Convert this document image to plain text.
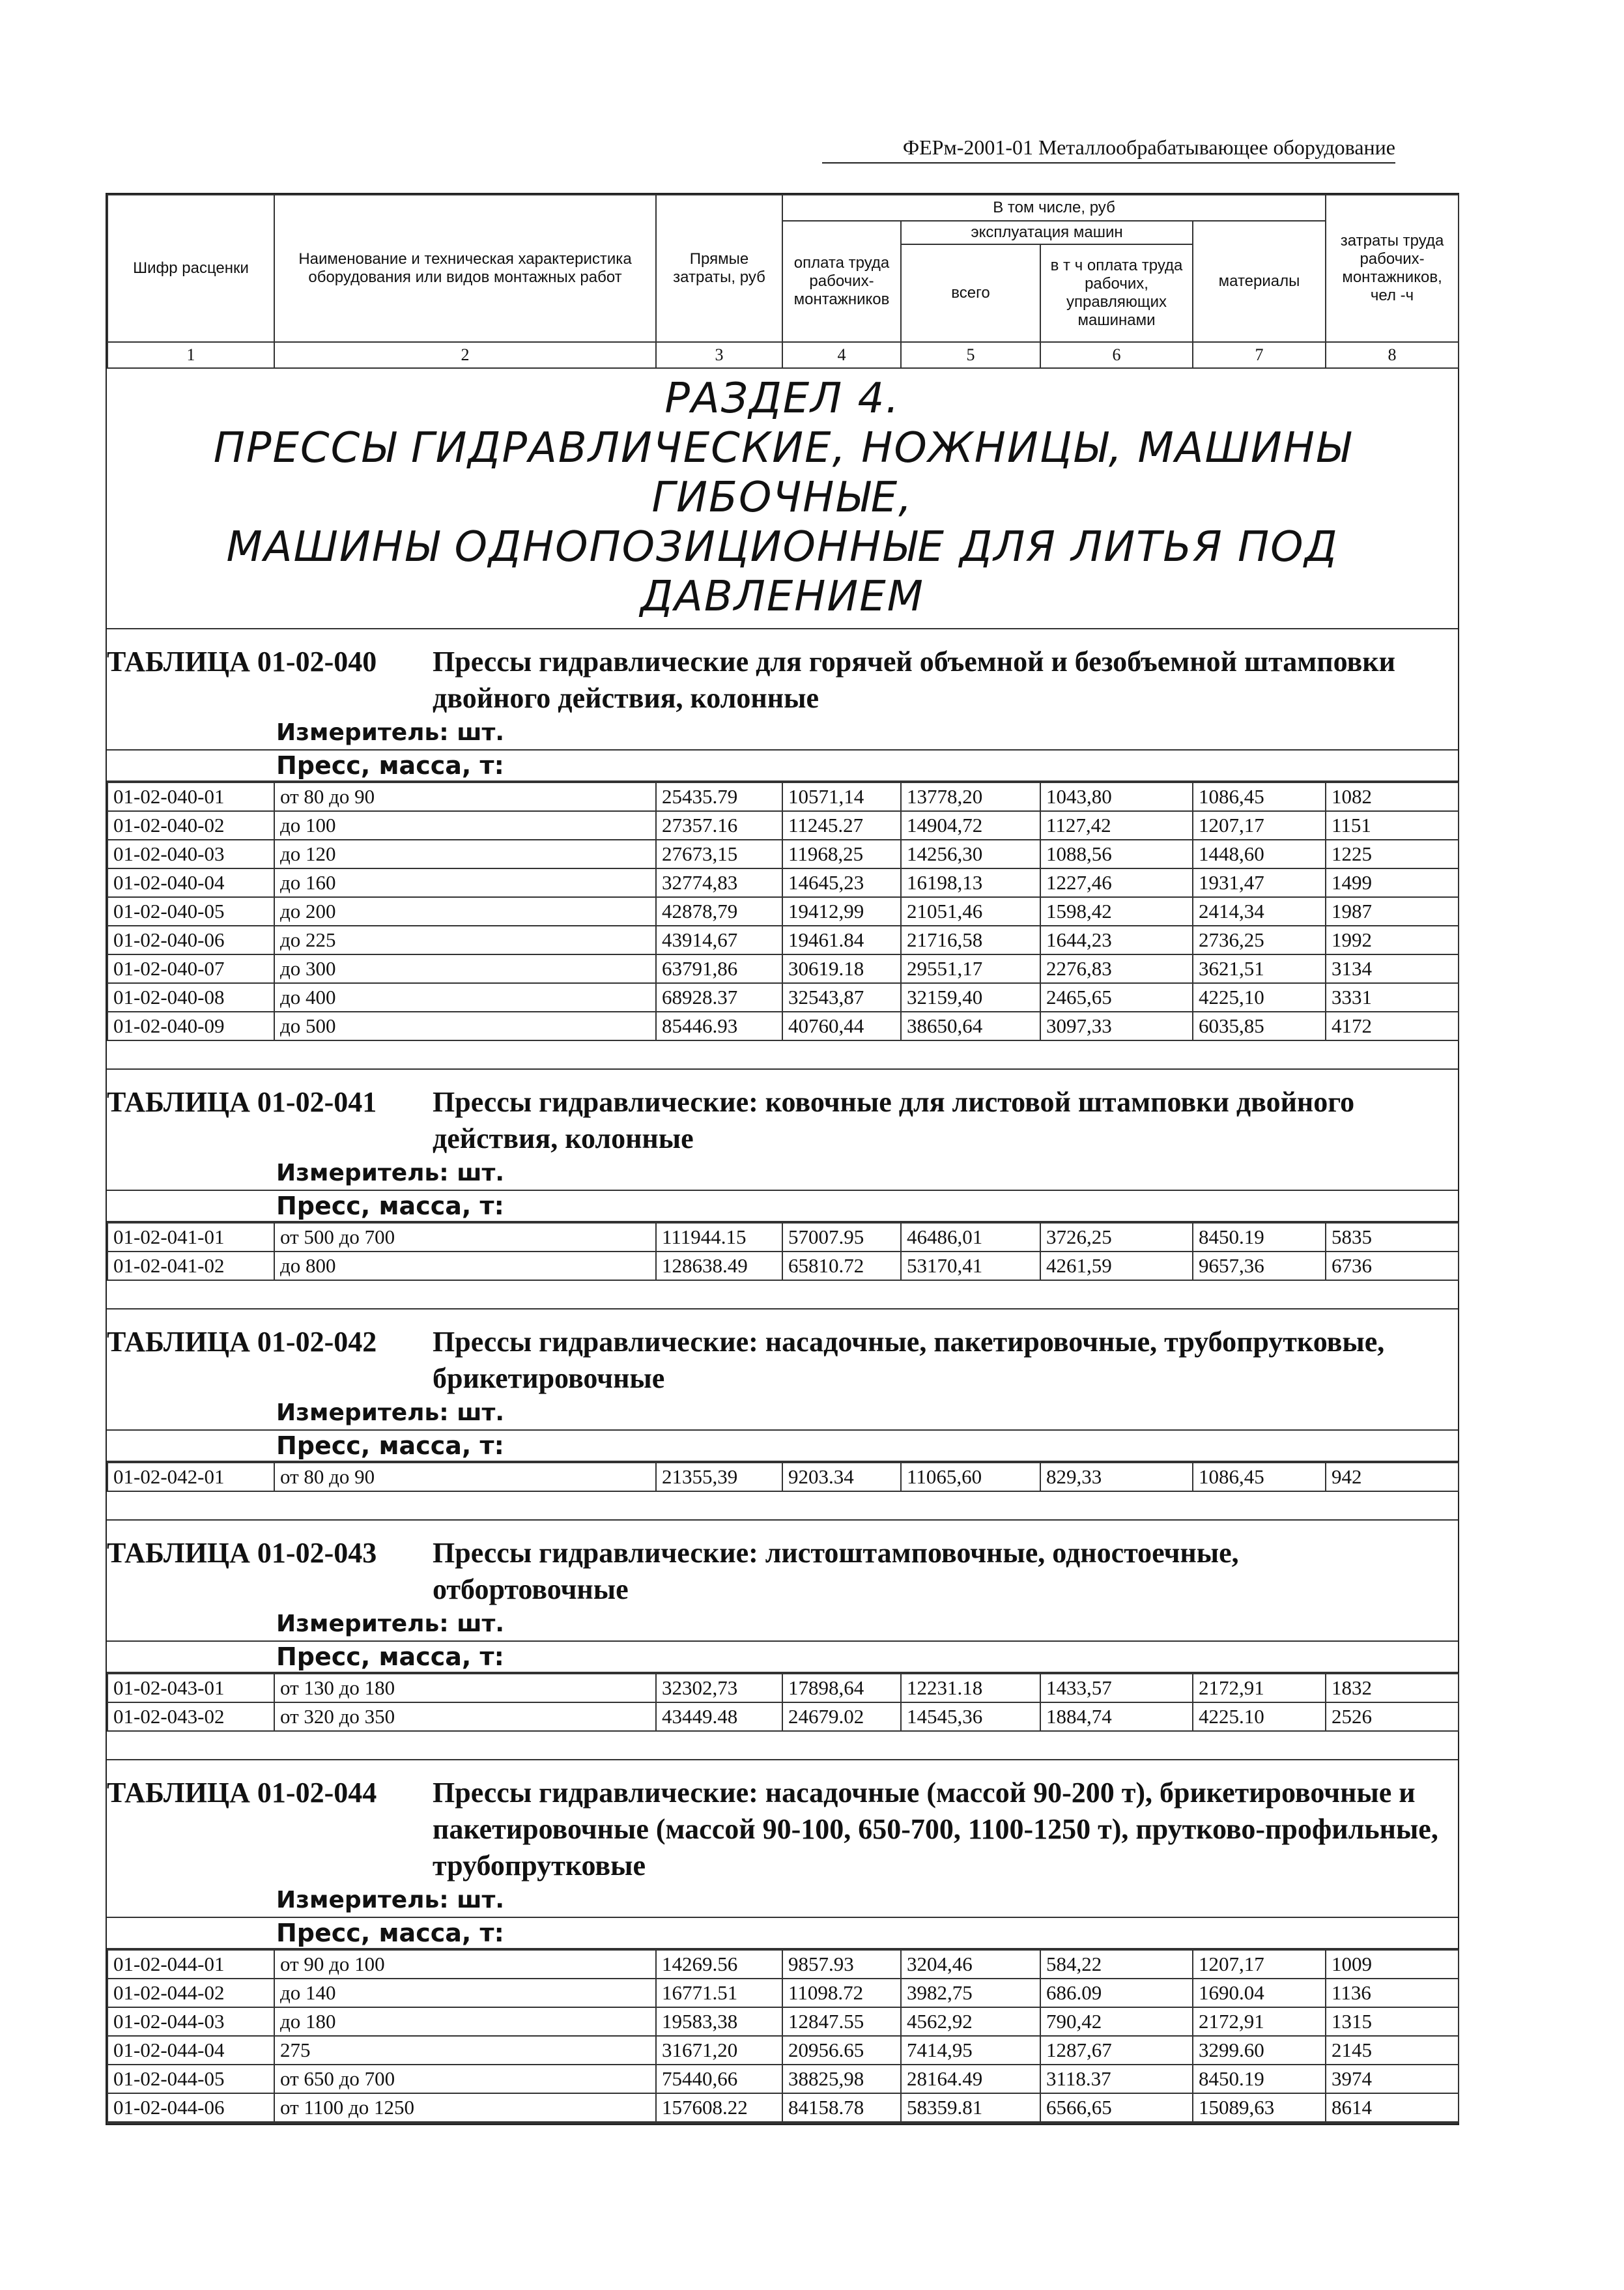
ФЕРм-2001-01 Металлообрабатывающее оборудование
Шифр расценки	Наименование и техническая характеристика оборудования или видов монтажных работ	Прямые затраты, руб	В том числе, руб				затраты труда рабочих-монтажников, чел -ч
			оплата труда рабочих-монтажников	эксплуатация машин		материалы	
				всего	в т ч оплата труда рабочих, управляющих машинами		
1	2	3	4	5	6	7	8
РАЗДЕЛ 4.
ПРЕССЫ ГИДРАВЛИЧЕСКИЕ, НОЖНИЦЫ, МАШИНЫ ГИБОЧНЫЕ,
МАШИНЫ ОДНОПОЗИЦИОННЫЕ ДЛЯ ЛИТЬЯ ПОД ДАВЛЕНИЕМ
ТАБЛИЦА 01-02-040	Прессы гидравлические для горячей объемной и безобъемной штамповки двойного действия, колонные
Измеритель: шт.
Пресс, масса, т:
01-02-040-01	от 80 до 90	25435.79	10571,14	13778,20	1043,80	1086,45	1082
01-02-040-02	до 100	27357.16	11245.27	14904,72	1127,42	1207,17	1151
01-02-040-03	до 120	27673,15	11968,25	14256,30	1088,56	1448,60	1225
01-02-040-04	до 160	32774,83	14645,23	16198,13	1227,46	1931,47	1499
01-02-040-05	до 200	42878,79	19412,99	21051,46	1598,42	2414,34	1987
01-02-040-06	до 225	43914,67	19461.84	21716,58	1644,23	2736,25	1992
01-02-040-07	до 300	63791,86	30619.18	29551,17	2276,83	3621,51	3134
01-02-040-08	до 400	68928.37	32543,87	32159,40	2465,65	4225,10	3331
01-02-040-09	до 500	85446.93	40760,44	38650,64	3097,33	6035,85	4172
ТАБЛИЦА 01-02-041	Прессы гидравлические: ковочные для листовой штамповки двойного действия, колонные
Измеритель: шт.
Пресс, масса, т:
01-02-041-01	от 500 до 700	111944.15	57007.95	46486,01	3726,25	8450.19	5835
01-02-041-02	до 800	128638.49	65810.72	53170,41	4261,59	9657,36	6736
ТАБЛИЦА 01-02-042	Прессы гидравлические: насадочные, пакетировочные, трубопрутковые, брикетировочные
Измеритель: шт.
Пресс, масса, т:
01-02-042-01	от 80 до 90	21355,39	9203.34	11065,60	829,33	1086,45	942
ТАБЛИЦА 01-02-043	Прессы гидравлические: листоштамповочные, одностоечные, отбортовочные
Измеритель: шт.
Пресс, масса, т:
01-02-043-01	от 130 до 180	32302,73	17898,64	12231.18	1433,57	2172,91	1832
01-02-043-02	от 320 до 350	43449.48	24679.02	14545,36	1884,74	4225.10	2526
ТАБЛИЦА 01-02-044	Прессы гидравлические: насадочные (массой 90-200 т), брикетировочные и пакетировочные (массой 90-100, 650-700, 1100-1250 т), прутково-профильные, трубопрутковые
Измеритель: шт.
Пресс, масса, т:
01-02-044-01	от 90 до 100	14269.56	9857.93	3204,46	584,22	1207,17	1009
01-02-044-02	до 140	16771.51	11098.72	3982,75	686.09	1690.04	1136
01-02-044-03	до 180	19583,38	12847.55	4562,92	790,42	2172,91	1315
01-02-044-04	275	31671,20	20956.65	7414,95	1287,67	3299.60	2145
01-02-044-05	от 650 до 700	75440,66	38825,98	28164.49	3118.37	8450.19	3974
01-02-044-06	от 1100 до 1250	157608.22	84158.78	58359.81	6566,65	15089,63	8614
